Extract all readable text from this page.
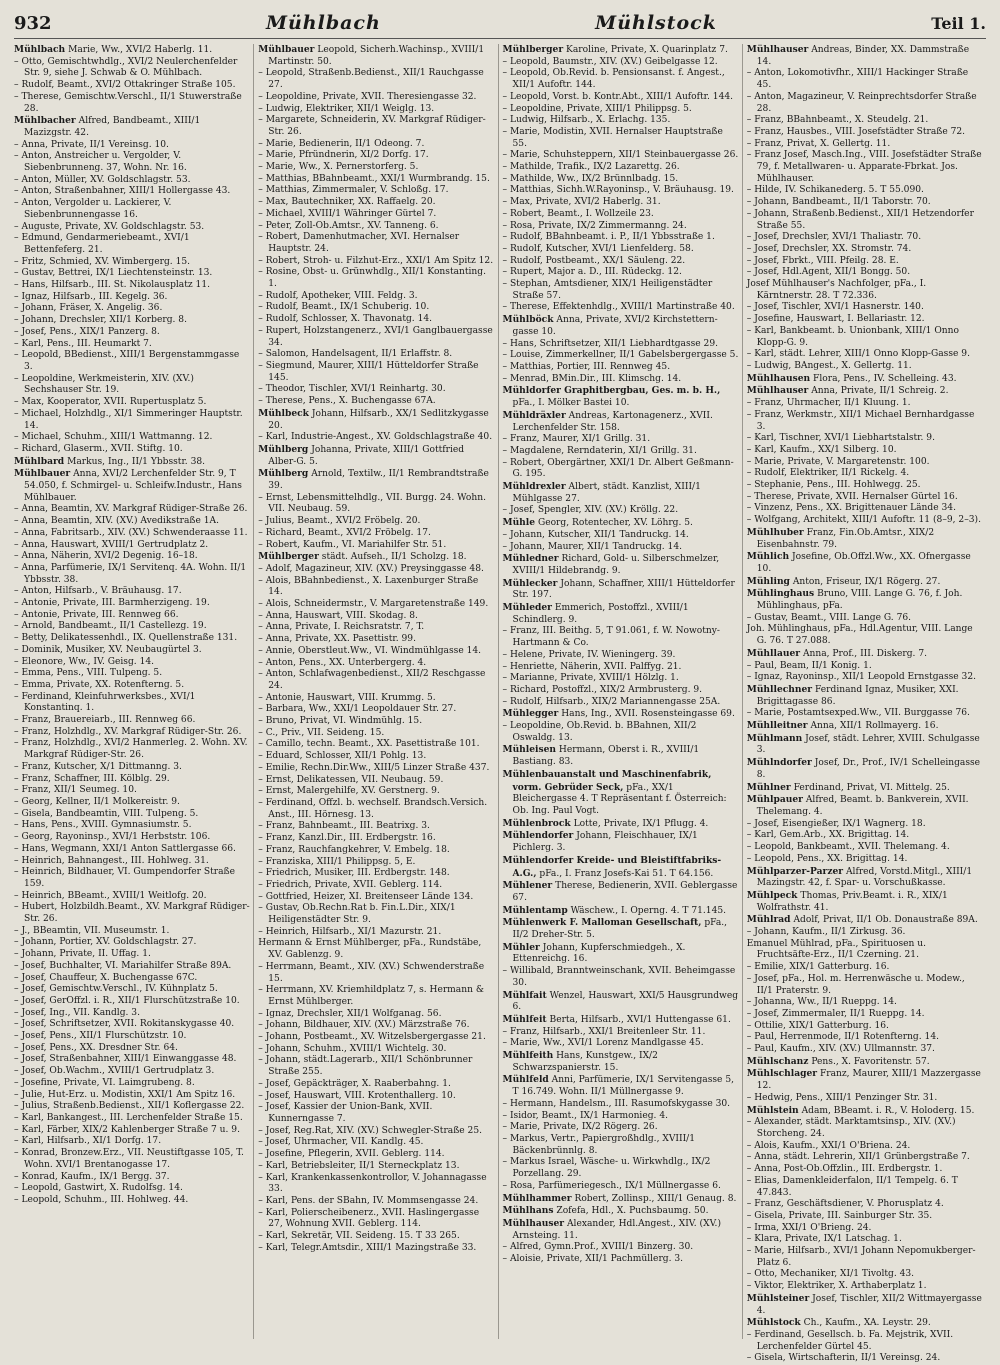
932	Mühlbach	Mühlstock	Teil 1.

Mühlbach Marie, Ww., XVI/2 Haberlg. 11.

– Otto, Gemischtwhdlg., XVI/2 Neulerchenfelder Str. 9, siehe J. Schwab & O. Mühlbach.

– Rudolf, Beamt., XVI/2 Ottakringer Straße 105.

– Therese, Gemischtw.Verschl., II/1 Stuwerstraße 28.

Mühlbacher Alfred, Bandbeamt., XIII/1 Mazizgstr. 42.

– Anna, Private, II/1 Vereinsg. 10.

– Anton, Anstreicher u. Vergolder, V. Siebenbrunneng. 37, Wohn. Nr. 16.

– Anton, Müller, XV. Goldschlagstr. 53.

– Anton, Straßenbahner, XIII/1 Hollergasse 43.

– Anton, Vergolder u. Lackierer, V. Siebenbrunnengasse 16.

– Auguste, Private, XV. Goldschlagstr. 53.

– Edmund, Gendarmeriebeamt., XVI/1 Bettenfeferg. 21.

– Fritz, Schmied, XV. Wimbergerg. 15.

– Gustav, Bettrei, IX/1 Liechtensteinstr. 13.

– Hans, Hilfsarb., III. St. Nikolausplatz 11.

– Ignaz, Hilfsarb., III. Kegelg. 36.

– Johann, Fräser, X. Angelig. 36.

– Johann, Drechsler, XII/1 Korberg. 8.

– Josef, Pens., XIX/1 Panzerg. 8.

– Karl, Pens., III. Heumarkt 7.

– Leopold, BBedienst., XIII/1 Bergenstammgasse 3.

– Leopoldine, Werkmeisterin, XIV. (XV.) Sechshauser Str. 19.

– Max, Kooperator, XVII. Rupertusplatz 5.

– Michael, Holzhdlg., XI/1 Simmeringer Hauptstr. 14.

– Michael, Schuhm., XIII/1 Wattmanng. 12.

– Richard, Glaserm., XVII. Stiftg. 10.

Mühlbard Markus, Ing., II/1 Ybbsstr. 38.

Mühlbauer Anna, XVI/2 Lerchenfelder Str. 9, T 54.050, f. Schmirgel- u. Schleifw.Industr., Hans Mühlbauer.

– Anna, Beamtin, XV. Markgraf Rüdiger-Straße 26.

– Anna, Beamtin, XIV. (XV.) Avedikstraße 1A.

– Anna, Fabritsarb., XIV. (XV.) Schwenderaasse 11.

– Anna, Hauswart, XVIII/1 Gertrudplatz 2.

– Anna, Näherin, XVI/2 Degenig. 16–18.

– Anna, Parfümerie, IX/1 Servitenq. 4A. Wohn. II/1 Ybbsstr. 38.

– Anton, Hilfsarb., V. Bräuhausg. 17.

– Antonie, Private, III. Barmherzigeng. 19.

– Antonie, Private, III. Rennweg 66.

– Arnold, Bandbeamt., II/1 Castellezg. 19.

– Betty, Delikatessenhdl., IX. Quellenstraße 131.

– Dominik, Musiker, XV. Neubaugürtel 3.

– Eleonore, Ww., IV. Geisg. 14.

– Emma, Pens., VIII. Tulpeng. 5.

– Emma, Private, XX. Rotenfterng. 5.

– Ferdinand, Kleinfuhrwerksbes., XVI/1 Konstantinq. 1.

– Franz, Brauereiarb., III. Rennweg 66.

– Franz, Holzhdlg., XV. Markgraf Rüdiger-Str. 26.

– Franz, Holzhdlg., XVI/2 Hanmerleg. 2. Wohn. XV. Markgraf Rüdiger-Str. 26.

– Franz, Kutscher, X/1 Dittmanng. 3.

– Franz, Schaffner, III. Kölblg. 29.

– Franz, XII/1 Seumeg. 10.

– Georg, Kellner, II/1 Molkereistr. 9.

– Gisela, Bandbeamtin, VIII. Tulpeng. 5.

– Hans, Pens., XVIII. Gymnasiumstr. 5.

– Georg, Rayoninsp., XVI/1 Herbststr. 106.

– Hans, Wegmann, XXI/1 Anton Sattlergasse 66.

– Heinrich, Bahnangest., III. Hohlweg. 31.

– Heinrich, Bildhauer, VI. Gumpendorfer Straße 159.

– Heinrich, BBeamt., XVIII/1 Weitlofg. 20.

– Hubert, Holzbildh.Beamt., XV. Markgraf Rüdiger-Str. 26.

– J., BBeamtin, VII. Museumstr. 1.

– Johann, Portier, XV. Goldschlagstr. 27.

– Johann, Private, II. Uffag. 1.

– Josef, Buchhalter, VI. Mariahilfer Straße 89A.

– Josef, Chauffeur, X. Buchengasse 67C.

– Josef, Gemischtw.Verschl., IV. Kühnplatz 5.

– Josef, GerOffzl. i. R., XII/1 Flurschützstraße 10.

– Josef, Ing., VII. Kandlg. 3.

– Josef, Schriftsetzer, XVII. Rokitanskygasse 40.

– Josef, Pens., XII/1 Flurschützstr. 10.

– Josef, Pens., XX. Dresdner Str. 64.

– Josef, Straßenbahner, XIII/1 Einwanggasse 48.

– Josef, Ob.Wachm., XVIII/1 Gertrudplatz 3.

– Josefine, Private, VI. Laimgrubeng. 8.

– Julie, Hut-Erz. u. Modistin, XXI/1 Am Spitz 16.

– Julius, Straßenb.Bedienst., XII/1 Koflergasse 22.

– Karl, Bankangest., III. Lerchenfelder Straße 15.

– Karl, Färber, XIX/2 Kahlenberger Straße 7 u. 9.

– Karl, Hilfsarb., XI/1 Dorfg. 17.

– Konrad, Bronzew.Erz., VII. Neustiftgasse 105, T. Wohn. XVI/1 Brentanogasse 17.

– Konrad, Kaufm., IX/1 Bergg. 37.

– Leopold, Gastwirt, X. Rudolfsg. 14.

– Leopold, Schuhm., III. Hohlweg. 44.

Mühlbauer Leopold, Sicherh.Wachinsp., XVIII/1 Martinstr. 50.

– Leopold, Straßenb.Bedienst., XII/1 Rauchgasse 27.

– Leopoldine, Private, XVII. Theresiengasse 32.

– Ludwig, Elektriker, XII/1 Weiglg. 13.

– Margarete, Schneiderin, XV. Markgraf Rüdiger-Str. 26.

– Marie, Bedienerin, II/1 Odeong. 7.

– Marie, Pfründnerin, XI/2 Dorfg. 17.

– Marie, Ww., X. Pernerstorferg. 5.

– Matthias, BBahnbeamt., XXI/1 Wurmbrandg. 15.

– Matthias, Zimmermaler, V. Schloßg. 17.

– Max, Bautechniker, XX. Raffaelg. 20.

– Michael, XVIII/1 Währinger Gürtel 7.

– Peter, Zoll-Ob.Amtsr., XV. Tanneng. 6.

– Robert, Damenhutmacher, XVI. Hernalser Hauptstr. 24.

– Robert, Stroh- u. Filzhut-Erz., XXI/1 Am Spitz 12.

– Rosine, Obst- u. Grünwhdlg., XII/1 Konstanting. 1.

– Rudolf, Apotheker, VIII. Feldg. 3.

– Rudolf, Beamt., IX/1 Schuberig. 10.

– Rudolf, Schlosser, X. Thavonatg. 14.

– Rupert, Holzstangenerz., XVI/1 Ganglbauergasse 34.

– Salomon, Handelsagent, II/1 Erlaffstr. 8.

– Siegmund, Maurer, XIII/1 Hütteldorfer Straße 145.

– Theodor, Tischler, XVI/1 Reinhartg. 30.

– Therese, Pens., X. Buchengasse 67A.

Mühlbeck Johann, Hilfsarb., XX/1 Sedlitzkygasse 20.

– Karl, Industrie-Angest., XV. Goldschlagstraße 40.

Mühlberg Johanna, Private, XIII/1 Gottfried Alber-G. 5.

Mühlberg Arnold, Textilw., II/1 Rembrandtstraße 39.

– Ernst, Lebensmittelhdlg., VII. Burgg. 24. Wohn. VII. Neubaug. 59.

– Julius, Beamt., XVI/2 Fröbelg. 20.

– Richard, Beamt., XVI/2 Fröbelg. 17.

– Robert, Kaufm., VI. Mariahilfer Str. 51.

Mühlberger städt. Aufseh., II/1 Scholzg. 18.

– Adolf, Magazineur, XIV. (XV.) Preysinggasse 48.

– Alois, BBahnbedienst., X. Laxenburger Straße 14.

– Alois, Schneidermstr., V. Margaretenstraße 149.

– Anna, Hauswart, VIII. Skodag. 8.

– Anna, Private, I. Reichsratstr. 7, T.

– Anna, Private, XX. Pasettistr. 99.

– Annie, Oberstleut.Ww., VI. Windmühlgasse 14.

– Anton, Pens., XX. Unterbergerg. 4.

– Anton, Schlafwagenbedienst., XII/2 Reschgasse 24.

– Antonie, Hauswart, VIII. Krummg. 5.

– Barbara, Ww., XXI/1 Leopoldauer Str. 27.

– Bruno, Privat, VI. Windmühlg. 15.

– C., Priv., VII. Seideng. 15.

– Camillo, techn. Beamt., XX. Pasettistraße 101.

– Eduard, Schlosser, XII/1 Pohlg. 13.

– Emilie, Rechn.Dir.Ww., XIII/5 Linzer Straße 437.

– Ernst, Delikatessen, VII. Neubaug. 59.

– Ernst, Malergehilfe, XV. Gerstnerg. 9.

– Ferdinand, Offzl. b. wechself. Brandsch.Versich. Anst., III. Hörnesg. 13.

– Franz, Bahnbeamt., III. Beatrixg. 3.

– Franz, Kanzl.Dir., III. Erdbergstr. 16.

– Franz, Rauchfangkehrer, V. Embelg. 18.

– Franziska, XIII/1 Philippsg. 5, E.

– Friedrich, Musiker, III. Erdbergstr. 148.

– Friedrich, Private, XVII. Geblerg. 114.

– Gottfried, Heizer, XI. Breitenseer Lände 134.

– Gustav, Ob.Rechn.Rat b. Fin.L.Dir., XIX/1 Heiligenstädter Str. 9.

– Heinrich, Hilfsarb., XI/1 Mazurstr. 21.

Hermann & Ernst Mühlberger, pFa., Rundstäbe, XV. Gablenzg. 9.

– Herrmann, Beamt., XIV. (XV.) Schwenderstraße 15.

– Herrmann, XV. Kriemhildplatz 7, s. Hermann & Ernst Mühlberger.

– Ignaz, Drechsler, XII/1 Wolfganag. 56.

– Johann, Bildhauer, XIV. (XV.) Märzstraße 76.

– Johann, Postbeamt., XV. Witzelsbergergasse 21.

– Johann, Schuhm., XVIII/1 Wichtelg. 30.

– Johann, städt.Lagerarb., XII/1 Schönbrunner Straße 255.

– Josef, Gepäckträger, X. Raaberbahng. 1.

– Josef, Hauswart, VIII. Krotenthallerg. 10.

– Josef, Kassier der Union-Bank, XVII. Kunnerngasse 7.

– Josef, Reg.Rat, XIV. (XV.) Schwegler-Straße 25.

– Josef, Uhrmacher, VII. Kandlg. 45.

– Josefine, Pflegerin, XVII. Geblerg. 114.

– Karl, Betriebsleiter, II/1 Sterneckplatz 13.

– Karl, Krankenkassenkontrollor, V. Johannagasse 33.

– Karl, Pens. der SBahn, IV. Mommsengasse 24.

– Karl, Polierscheibenerz., XVII. Haslingergasse 27, Wohnung XVII. Geblerg. 114.

– Karl, Sekretär, VII. Seideng. 15. T 33 265.

– Karl, Telegr.Amtsdir., XIII/1 Mazingstraße 33.

Mühlberger Karoline, Private, X. Quarinplatz 7.

– Leopold, Baumstr., XIV. (XV.) Geibelgasse 12.

– Leopold, Ob.Revid. b. Pensionsanst. f. Angest., XII/1 Aufoftr. 144.

– Leopold, Vorst. b. Kontr.Abt., XIII/1 Aufoftr. 144.

– Leopoldine, Private, XIII/1 Philippsg. 5.

– Ludwig, Hilfsarb., X. Erlachg. 135.

– Marie, Modistin, XVII. Hernalser Hauptstraße 55.

– Marie, Schuhsteppern, XII/1 Steinbauergasse 26.

– Mathilde, Trafik., IX/2 Lazarettg. 26.

– Mathilde, Ww., IX/2 Brünnlbadg. 15.

– Matthias, Sichh.W.Rayoninsp., V. Bräuhausg. 19.

– Max, Private, XVI/2 Haberlg. 31.

– Robert, Beamt., I. Wollzeile 23.

– Rosa, Private, IX/2 Zimmermanng. 24.

– Rudolf, BBahnbeamt. i. P., II/1 Ybbsstraße 1.

– Rudolf, Kutscher, XVI/1 Lienfelderg. 58.

– Rudolf, Postbeamt., XX/1 Säuleng. 22.

– Rupert, Major a. D., III. Rüdeckg. 12.

– Stephan, Amtsdiener, XIX/1 Heiligenstädter Straße 57.

– Therese, Effektenhdlg., XVIII/1 Martinstraße 40.

Mühlböck Anna, Private, XVI/2 Kirchstettern-gasse 10.

– Hans, Schriftsetzer, XII/1 Liebhardtgasse 29.

– Louise, Zimmerkellner, II/1 Gabelsbergergasse 5.

– Matthias, Portier, III. Rennweg 45.

– Menrad, BMin.Dir., III. Klimschg. 14.

Mühldorfer Graphitbergbau, Ges. m. b. H., pFa., I. Mölker Bastei 10.

Mühldräxler Andreas, Kartonagenerz., XVII. Lerchenfelder Str. 158.

– Franz, Maurer, XI/1 Grillg. 31.

– Magdalene, Rerndaterin, XI/1 Grillg. 31.

– Robert, Obergärtner, XXI/1 Dr. Albert Geßmann-G. 195.

Mühldrexler Albert, städt. Kanzlist, XIII/1 Mühlgasse 27.

– Josef, Spengler, XIV. (XV.) Kröllg. 22.

Mühle Georg, Rotentecher, XV. Löhrg. 5.

– Johann, Kutscher, XII/1 Tandruckg. 14.

– Johann, Maurer, XII/1 Tandruckg. 14.

Mühledner Richard, Gold- u. Silberschmelzer, XVIII/1 Hildebrandg. 9.

Mühlecker Johann, Schaffner, XIII/1 Hütteldorfer Str. 197.

Mühleder Emmerich, Postoffzl., XVIII/1 Schindlerg. 9.

– Franz, III. Beithg. 5, T 91.061, f. W. Nowotny-Hartmann & Co.

– Helene, Private, IV. Wieningerg. 39.

– Henriette, Näherin, XVII. Palffyg. 21.

– Marianne, Private, XVIII/1 Hölzlg. 1.

– Richard, Postoffzl., XIX/2 Armbrusterg. 9.

– Rudolf, Hilfsarb., XIX/2 Mariannengasse 25A.

Mühlegger Hans, Ing., XVII. Rosensteingasse 69.

– Leopoldine, Ob.Revid. b. BBahnen, XII/2 Oswaldg. 13.

Mühleisen Hermann, Oberst i. R., XVIII/1 Bastiang. 83.

Mühlenbauanstalt und Maschinenfabrik, vorm. Gebrüder Seck, pFa., XX/1 Bleichergasse 4. T Repräsentant f. Österreich: Ob. Ing. Paul Vogt.

Mühlenbrock Lotte, Private, IX/1 Pflugg. 4.

Mühlendorfer Johann, Fleischhauer, IX/1 Pichlerg. 3.

Mühlendorfer Kreide- und Bleistiftfabriks-A.G., pFa., I. Franz Josefs-Kai 51. T 64.156.

Mühlener Therese, Bedienerin, XVII. Geblergasse 67.

Mühlentamp Wäschew., I. Operng. 4. T 71.145.

Mühlenwerk F. Malloman Gesellschaft, pFa., II/2 Dreher-Str. 5.

Mühler Johann, Kupferschmiedgeh., X. Ettenreichg. 16.

– Willibald, Branntweinschank, XVII. Beheimgasse 30.

Mühlfait Wenzel, Hauswart, XXI/5 Hausgrundweg 6.

Mühlfeit Berta, Hilfsarb., XVI/1 Huttengasse 61.

– Franz, Hilfsarb., XXI/1 Breitenleer Str. 11.

– Marie, Ww., XVI/1 Lorenz Mandlgasse 45.

Mühlfeith Hans, Kunstgew., IX/2 Schwarzspanierstr. 15.

Mühlfeld Anni, Parfümerie, IX/1 Servitengasse 5, T 16.749. Wohn. II/1 Müllnergasse 9.

– Hermann, Handelsm., III. Rasumofskygasse 30.

– Isidor, Beamt., IX/1 Harmonieg. 4.

– Marie, Private, IX/2 Rögerg. 26.

– Markus, Vertr., Papiergroßhdlg., XVIII/1 Bäckenbrünnlg. 8.

– Markus Israel, Wäsche- u. Wirkwhdlg., IX/2 Porzellang. 29.

– Rosa, Parfümeriegesch., IX/1 Müllnergasse 6.

Mühlhammer Robert, Zollinsp., XIII/1 Genaug. 8.

Mühlhans Zofefa, Hdl., X. Puchsbaumg. 50.

Mühlhauser Alexander, Hdl.Angest., XIV. (XV.) Arnsteing. 11.

– Alfred, Gymn.Prof., XVIII/1 Binzerg. 30.

– Aloisie, Private, XII/1 Pachmüllerg. 3.

Mühlhauser Andreas, Binder, XX. Dammstraße 14.

– Anton, Lokomotivfhr., XIII/1 Hackinger Straße 45.

– Anton, Magazineur, V. Reinprechtsdorfer Straße 28.

– Franz, BBahnbeamt., X. Steudelg. 21.

– Franz, Hausbes., VIII. Josefstädter Straße 72.

– Franz, Privat, X. Gellertg. 11.

– Franz Josef, Masch.Ing., VIII. Josefstädter Straße 79, f. Metallwaren- u. Apparate-Fbrkat. Jos. Mühlhauser.

– Hilde, IV. Schikanederg. 5. T 55.090.

– Johann, Bandbeamt., II/1 Taborstr. 70.

– Johann, Straßenb.Bedienst., XII/1 Hetzendorfer Straße 55.

– Josef, Drechsler, XVI/1 Thaliastr. 70.

– Josef, Drechsler, XX. Stromstr. 74.

– Josef, Fbrkt., VIII. Pfeilg. 28. E.

– Josef, Hdl.Agent, XII/1 Bongg. 50.

Josef Mühlhauser's Nachfolger, pFa., I. Kärntnerstr. 28. T 72.336.

– Josef, Tischler, XVI/1 Hasnerstr. 140.

– Josefine, Hauswart, I. Bellariastr. 12.

– Karl, Bankbeamt. b. Unionbank, XIII/1 Onno Klopp-G. 9.

– Karl, städt. Lehrer, XIII/1 Onno Klopp-Gasse 9.

– Ludwig, BAngest., X. Gellertg. 11.

Mühlhausen Flora, Pens., IV. Schelleing. 43.

Mühlhauser Anna, Private, II/1 Schreig. 2.

– Franz, Uhrmacher, II/1 Kluung. 1.

– Franz, Werkmstr., XII/1 Michael Bernhardgasse 3.

– Karl, Tischner, XVI/1 Liebhartstalstr. 9.

– Karl, Kaufm., XX/1 Silberg. 10.

– Marie, Private, V. Margaretenstr. 100.

– Rudolf, Elektriker, II/1 Rickelg. 4.

– Stephanie, Pens., III. Hohlwegg. 25.

– Therese, Private, XVII. Hernalser Gürtel 16.

– Vinzenz, Pens., XX. Brigittenauer Lände 34.

– Wolfgang, Architekt, XIII/1 Aufoftr. 11 (8–9, 2–3).

Mühlhuber Franz, Fin.Ob.Amtsr., XIX/2 Eisenbahnstr. 79.

Mühlich Josefine, Ob.Offzl.Ww., XX. Ofnergasse 10.

Mühling Anton, Friseur, IX/1 Rögerg. 27.

Mühlinghaus Bruno, VIII. Lange G. 76, f. Joh. Mühlinghaus, pFa.

– Gustav, Beamt., VIII. Lange G. 76.

Joh. Mühlinghaus, pFa., Hdl.Agentur, VIII. Lange G. 76. T 27.088.

Mühllauer Anna, Prof., III. Diskerg. 7.

– Paul, Beam, II/1 Konig. 1.

– Ignaz, Rayoninsp., XII/1 Leopold Ernstgasse 32.

Mühllechner Ferdinand Ignaz, Musiker, XXI. Brigittagasse 86.

– Marie, Postamtsexped.Ww., VII. Burggasse 76.

Mühlleitner Anna, XII/1 Rollmayerg. 16.

Mühlmann Josef, städt. Lehrer, XVIII. Schulgasse 3.

Mühlndorfer Josef, Dr., Prof., IV/1 Schelleingasse 8.

Mühlner Ferdinand, Privat, VI. Mittelg. 25.

Mühlpauer Alfred, Beamt. b. Bankverein, XVII. Thelemang. 4.

– Josef, Eisengießer, IX/1 Wagnerg. 18.

– Karl, Gem.Arb., XX. Brigittag. 14.

– Leopold, Bankbeamt., XVII. Thelemang. 4.

– Leopold, Pens., XX. Brigittag. 14.

Mühlparzer-Parzer Alfred, Vorstd.Mitgl., XIII/1 Mazingstr. 42, f. Spar- u. Vorschußkasse.

Mühlpeck Thomas, Priv.Beamt. i. R., XIX/1 Wolfrathstr. 41.

Mühlrad Adolf, Privat, II/1 Ob. Donaustraße 89A.

– Johann, Kaufm., II/1 Zirkusg. 36.

Emanuel Mühlrad, pFa., Spirituosen u. Fruchtsäfte-Erz., II/1 Czerning. 21.

– Emilie, XIX/1 Gatterburg. 16.

– Josef, pFa., Hol. m. Herrenwäsche u. Modew., II/1 Praterstr. 9.

– Johanna, Ww., II/1 Rueppg. 14.

– Josef, Zimmermaler, II/1 Rueppg. 14.

– Ottilie, XIX/1 Gatterburg. 16.

– Paul, Herrenmode, II/1 Rotenfterng. 14.

– Paul, Kaufm., XIV. (XV.) Ullmannstr. 37.

Mühlschanz Pens., X. Favoritenstr. 57.

Mühlschlager Franz, Maurer, XIII/1 Mazzergasse 12.

– Hedwig, Pens., XIII/1 Penzinger Str. 31.

Mühlstein Adam, BBeamt. i. R., V. Holoderg. 15.

– Alexander, städt. Marktamtsinsp., XIV. (XV.) Storcheng. 24.

– Alois, Kaufm., XXI/1 O'Briena. 24.

– Anna, städt. Lehrerin, XII/1 Grünbergstraße 7.

– Anna, Post-Ob.Offzlin., III. Erdbergstr. 1.

– Elias, Damenkleiderfalon, II/1 Tempelg. 6. T 47.843.

– Franz, Geschäftsdiener, V. Phorusplatz 4.

– Gisela, Private, III. Sainburger Str. 35.

– Irma, XXI/1 O'Brieng. 24.

– Klara, Private, IX/1 Latschag. 1.

– Marie, Hilfsarb., XVI/1 Johann Nepomukberger-Platz 6.

– Otto, Mechaniker, XI/1 Tivoltg. 43.

– Viktor, Elektriker, X. Arthaberplatz 1.

Mühlsteiner Josef, Tischler, XII/2 Wittmayergasse 4.

Mühlstock Ch., Kaufm., XA. Leystr. 29.

– Ferdinand, Gesellsch. b. Fa. Mejstrik, XVII. Lerchenfelder Gürtel 45.

– Gisela, Wirtschafterin, II/1 Vereinsg. 24.
